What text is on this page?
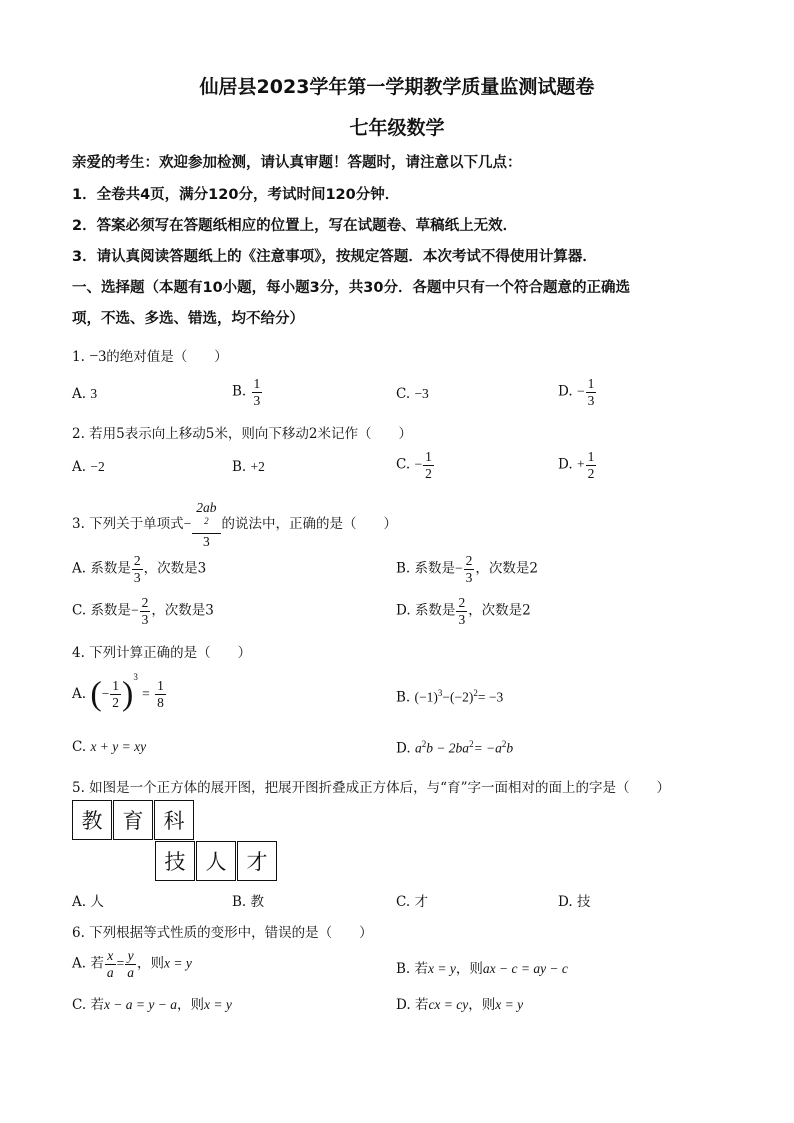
仙居县2023学年第一学期教学质量监测试题卷
七年级数学
亲爱的考生：欢迎参加检测，请认真审题！答题时，请注意以下几点：
1．全卷共4页，满分120分，考试时间120分钟．
2．答案必须写在答题纸相应的位置上，写在试题卷、草稿纸上无效．
3．请认真阅读答题纸上的《注意事项》，按规定答题．本次考试不得使用计算器．
一、选择题（本题有10小题，每小题3分，共30分．各题中只有一个符合题意的正确选
项，不选、多选、错选，均不给分）
1. −3的绝对值是（　　）
A. 3	B. $\frac{1}{3}$	C. −3	D. − $\frac{1}{3}$
2. 若用5表示向上移动5米，则向下移动2米记作（　　）
A. −2	B. +2	C. − $\frac{1}{2}$	D. + $\frac{1}{2}$
3. 下列关于单项式− 2ab
$^2$
3 的说法中，正确的是（　　）
A. 系数是 $\frac{2}{3}$ ，次数是3	B. 系数是− $\frac{2}{3}$ ，次数是2
C. 系数是− $\frac{2}{3}$ ，次数是3	D. 系数是 $\frac{2}{3}$ ，次数是2
4. 下列计算正确的是（　　）
A. (− $\frac{1}{2} )^3 = \frac{1}{8}$	B. $(-1)^3-(-2)^2= -3$
C. x + y = xy	D. $a^2b - 2ba^2= -a^2b$
5. 如图是一个正方体的展开图，把展开图折叠成正方体后，与“育”字一面相对的面上的字是（　　）
教 育 科
技 人 才
A. 人	B. 教	C. 才	D. 技
6. 下列根据等式性质的变形中，错误的是（　　）
A. 若 $\frac{x}{a} = \frac{y}{a}$ ，则x = y	B. 若x = y，则ax − c = ay − c
C. 若x − a = y − a，则x = y	D. 若cx = cy，则x = y
